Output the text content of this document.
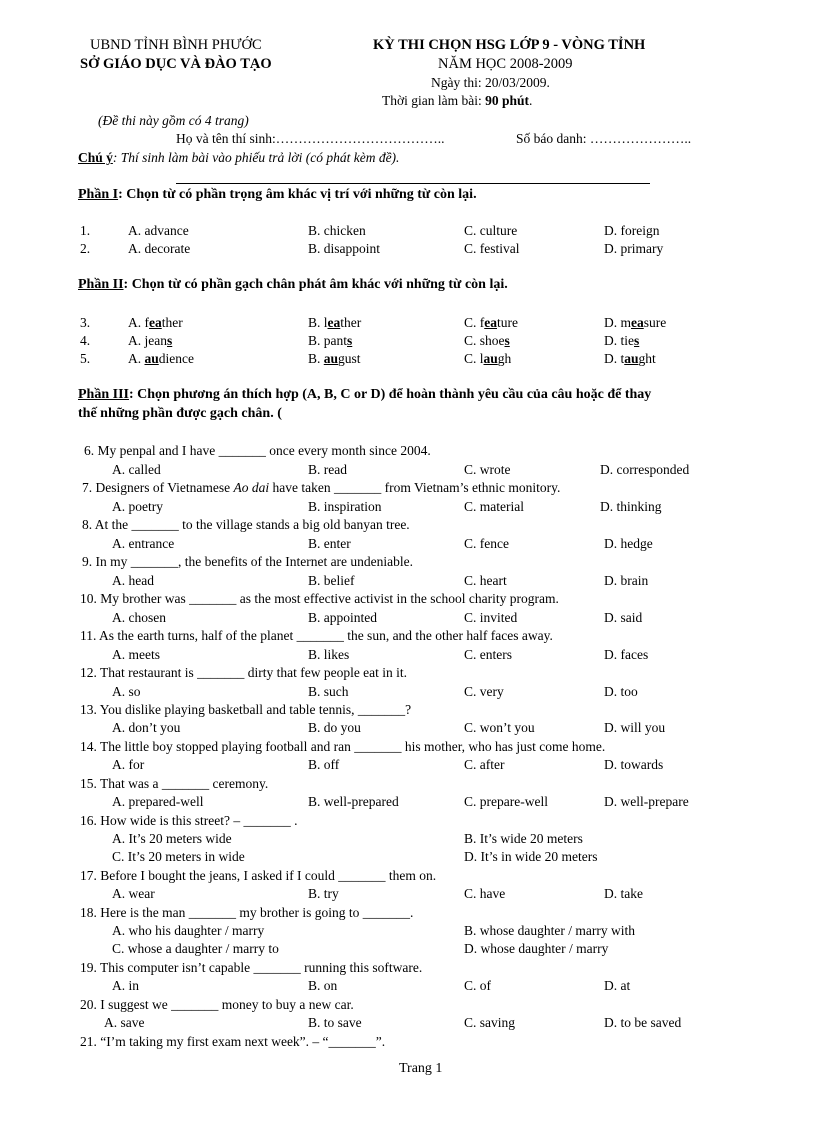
UBND TỈNH BÌNH PHƯỚC
SỞ GIÁO DỤC VÀ ĐÀO TẠO
KỲ THI CHỌN HSG LỚP 9 - VÒNG TỈNH
NĂM HỌC 2008-2009
Ngày thi: 20/03/2009.
Thời gian làm bài: 90 phút.
(Đề thi này gồm có 4 trang)
Họ và tên thí sinh:………………………………..	Số báo danh: …………………..
Chú ý: Thí sinh làm bài vào phiếu trả lời (có phát kèm đề).
Phần I: Chọn từ có phần trọng âm khác vị trí với những từ còn lại.
1.	A. advance	B. chicken	C. culture	D. foreign
2.	A. decorate	B. disappoint	C. festival	D. primary
Phần II: Chọn từ có phần gạch chân phát âm khác với những từ còn lại.
3.	A. feather	B. leather	C. feature	D. measure
4.	A. jeans	B. pants	C. shoes	D. ties
5.	A. audience	B. august	C. laugh	D. taught
Phần III: Chọn phương án thích hợp (A, B, C or D) để hoàn thành yêu cầu của câu hoặc để thay
thế những phần được gạch chân. (
6. My penpal and I have _______ once every month since 2004.
A. called	B. read	C. wrote	D. corresponded
7. Designers of Vietnamese Ao dai have taken _______ from Vietnam’s ethnic monitory.
A. poetry	B. inspiration	C. material	D. thinking
8. At the _______ to the village stands a big old banyan tree.
A. entrance	B. enter	C. fence	D. hedge
9. In my _______, the benefits of the Internet are undeniable.
A. head	B. belief	C. heart	D. brain
10. My brother was _______ as the most effective activist in the school charity program.
A. chosen	B. appointed	C. invited	D. said
11. As the earth turns, half of the planet _______ the sun, and the other half faces away.
A. meets	B. likes	C. enters	D. faces
12. That restaurant is _______ dirty that few people eat in it.
A. so	B. such	C. very	D. too
13. You dislike playing basketball and table tennis, _______?
A. don’t you	B. do you	C. won’t you	D. will you
14. The little boy stopped playing football and ran _______ his mother, who has just come home.
A. for	B. off	C. after	D. towards
15. That was a _______ ceremony.
A. prepared-well	B. well-prepared	C. prepare-well	D. well-prepare
16. How wide is this street? – _______ .
A. It’s 20 meters wide	B. It’s wide 20 meters
C. It’s 20 meters in wide	D. It’s in wide 20 meters
17. Before I bought the jeans, I asked if I could _______ them on.
A. wear	B. try	C. have	D. take
18. Here is the man _______ my brother is going to _______.
A. who his daughter / marry	B. whose daughter / marry with
C. whose a daughter / marry to	D. whose daughter / marry
19. This computer isn’t capable _______ running this software.
A. in	B. on	C. of	D. at
20. I suggest we _______ money to buy a new car.
A. save	B. to save	C. saving	D. to be saved
21. “I’m taking my first exam next week”. – “_______”.
Trang 1
